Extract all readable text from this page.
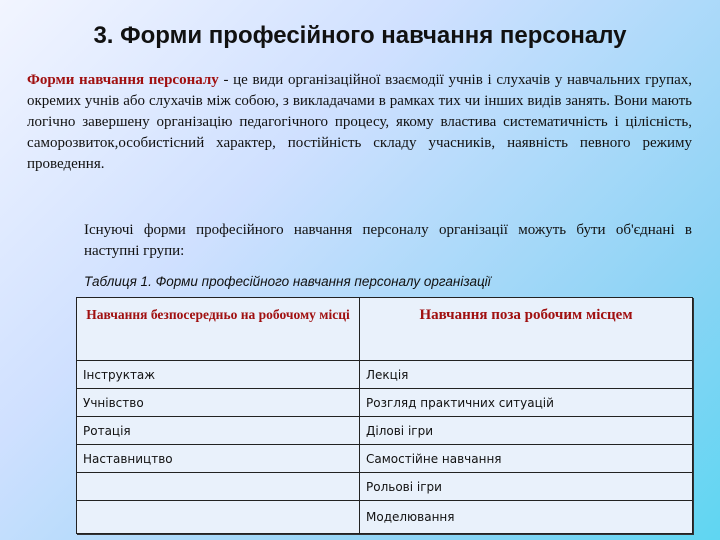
3. Форми професійного навчання персоналу
Форми навчання персоналу - це види організаційної взаємодії учнів і слухачів у навчальних групах, окремих учнів або слухачів між собою, з викладачами в рамках тих чи інших видів занять. Вони мають логічно завершену організацію педагогічного процесу, якому властива систематичність і цілісність, саморозвиток,особистісний характер, постійність складу учасників, наявність певного режиму проведення.
Існуючі форми професійного навчання персоналу організації можуть бути об'єднані в наступні групи:
Таблиця 1. Форми професійного навчання персоналу організації
Навчання безпосередньо на робочому місці	Навчання поза робочим місцем
Інструктаж	Лекція
Учнівство	Розгляд практичних ситуацій
Ротація	Ділові ігри
Наставництво	Самостійне навчання
	Рольові ігри
	Моделювання
